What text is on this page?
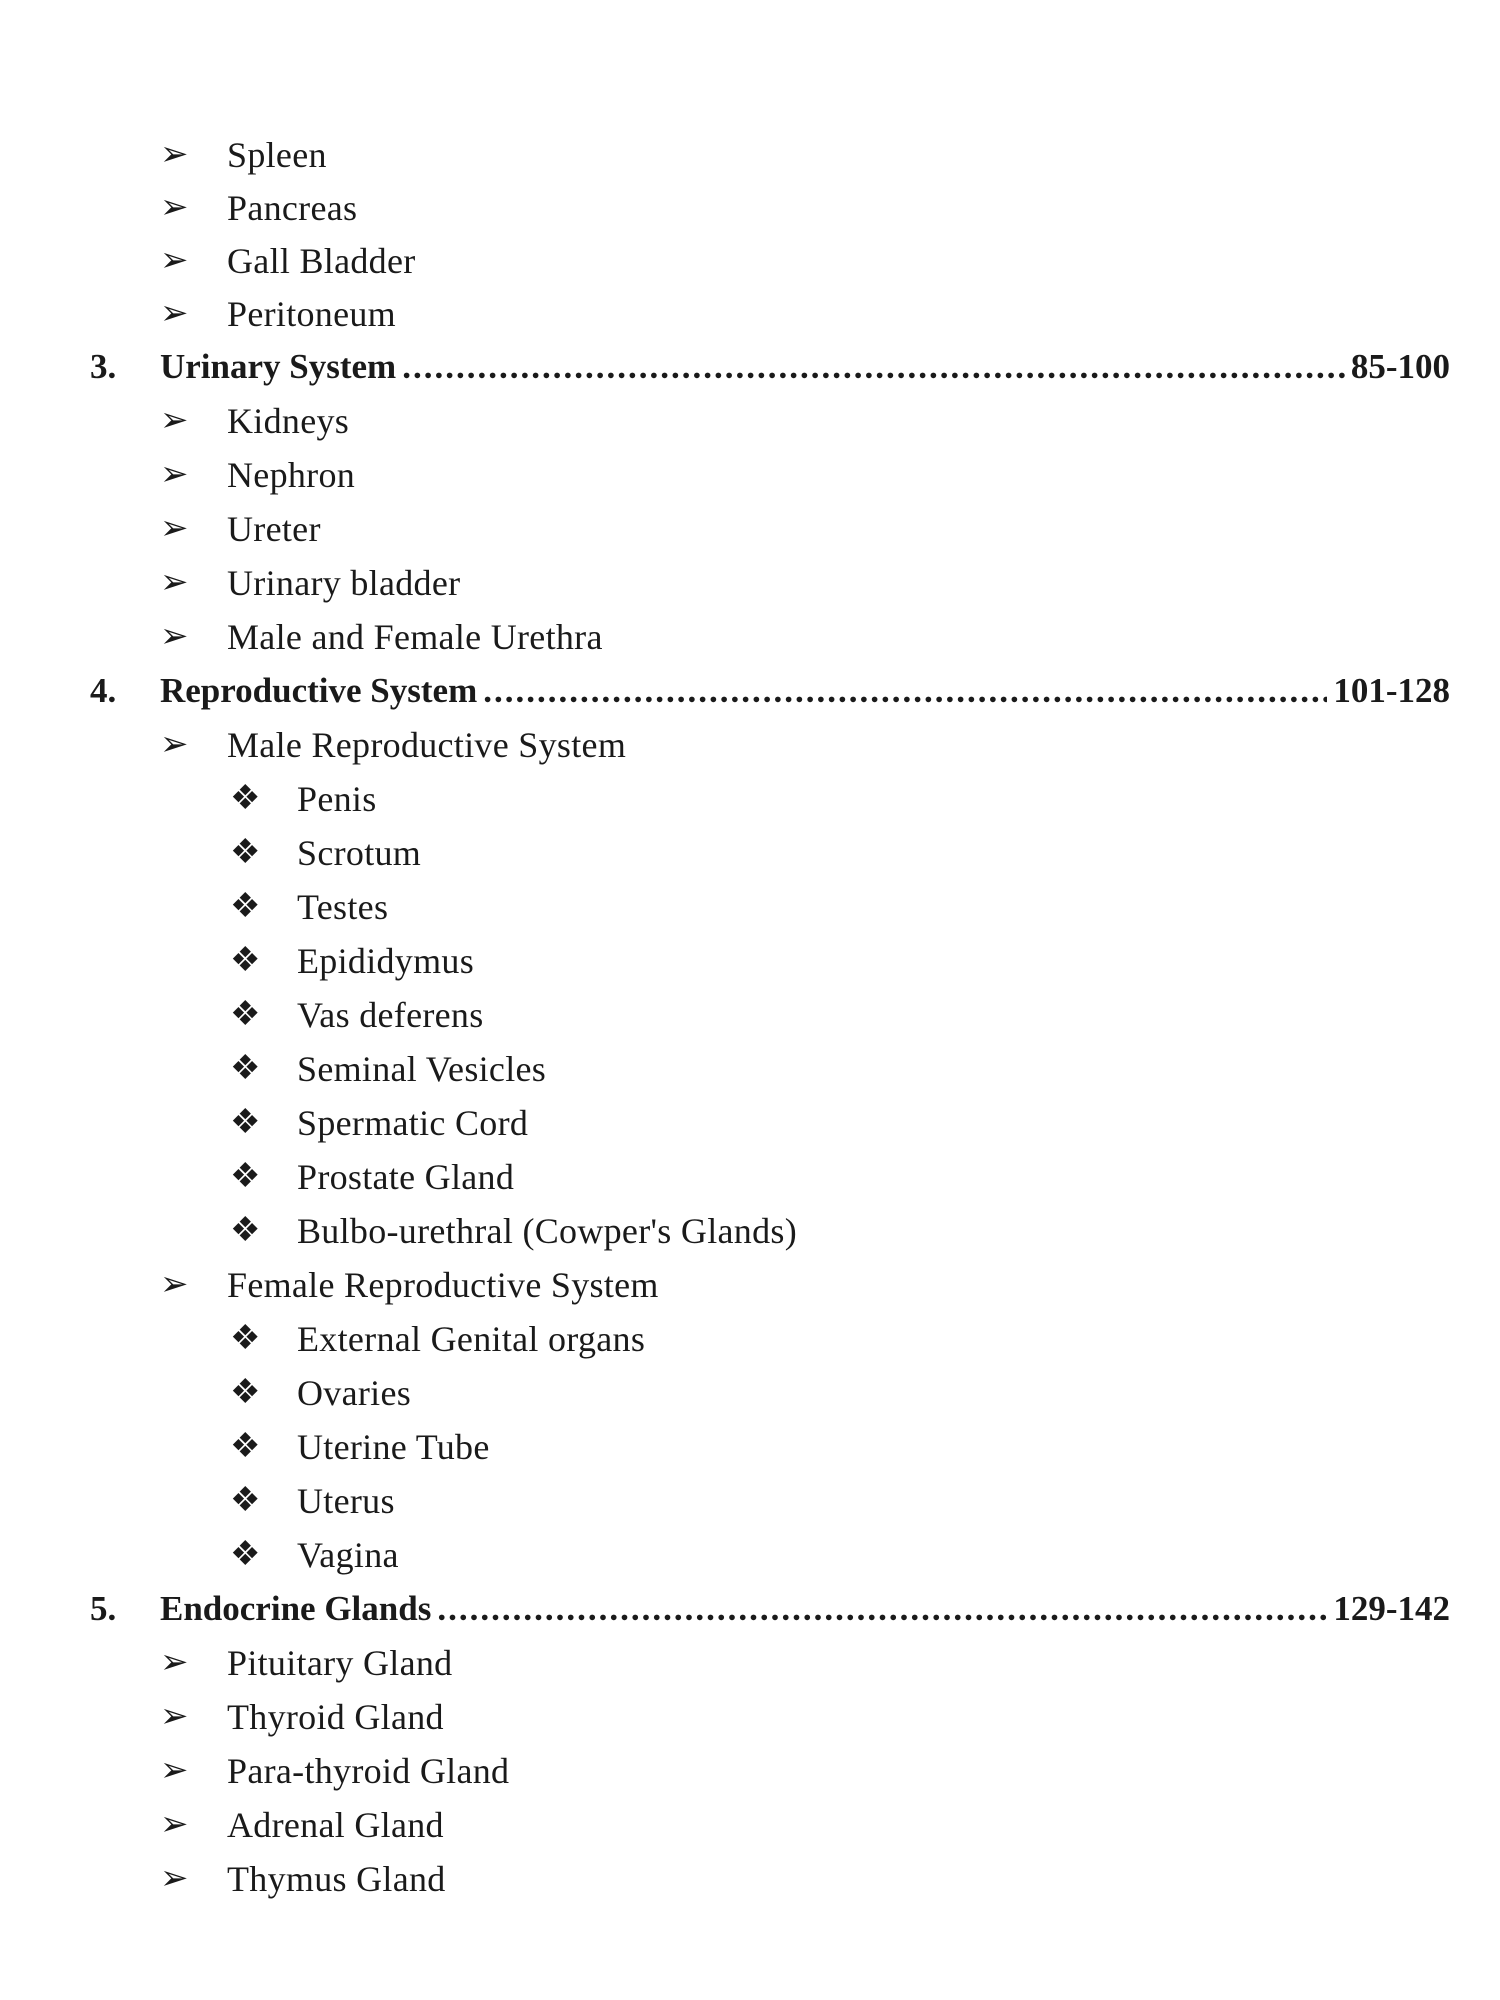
➢ Spleen
➢ Pancreas
➢ Gall Bladder
➢ Peritoneum
3. Urinary System .....	85-100
➢ Kidneys
➢ Nephron
➢ Ureter
➢ Urinary bladder
➢ Male and Female Urethra
4. Reproductive System .....	101-128
➢ Male Reproductive System
❖ Penis
❖ Scrotum
❖ Testes
❖ Epididymus
❖ Vas deferens
❖ Seminal Vesicles
❖ Spermatic Cord
❖ Prostate Gland
❖ Bulbo-urethral (Cowper's Glands)
➢ Female Reproductive System
❖ External Genital organs
❖ Ovaries
❖ Uterine Tube
❖ Uterus
❖ Vagina
5. Endocrine Glands .....	129-142
➢ Pituitary Gland
➢ Thyroid Gland
➢ Para-thyroid Gland
➢ Adrenal Gland
➢ Thymus Gland
